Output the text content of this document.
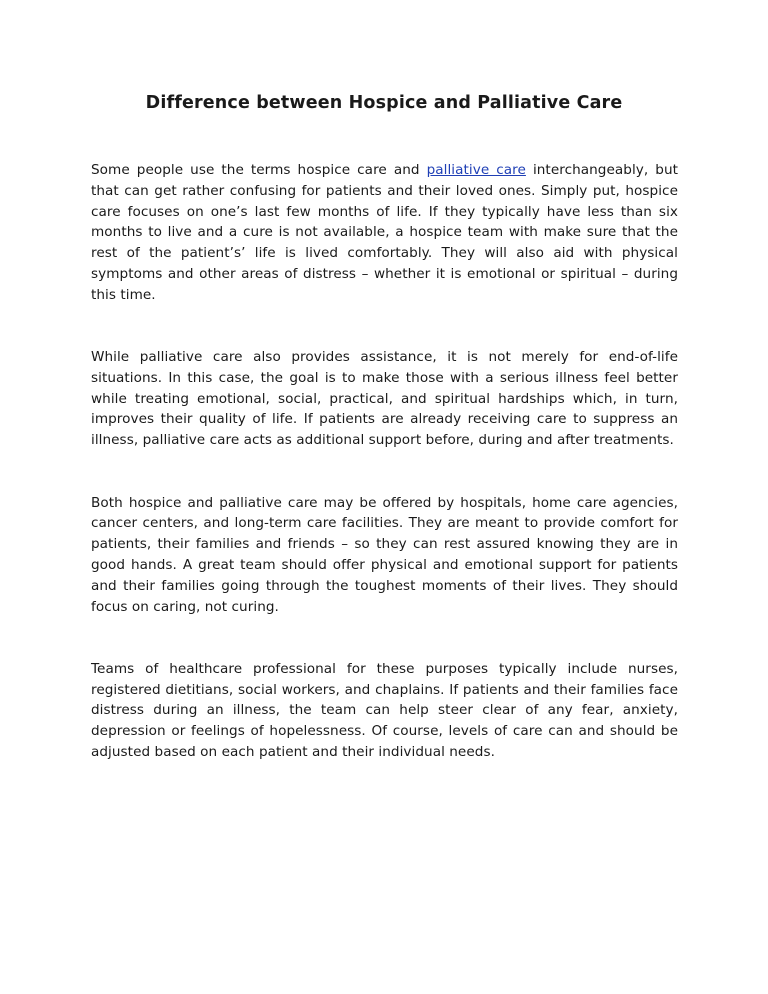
Difference between Hospice and Palliative Care

Some people use the terms hospice care and palliative care interchangeably, but that can get rather confusing for patients and their loved ones. Simply put, hospice care focuses on one’s last few months of life. If they typically have less than six months to live and a cure is not available, a hospice team with make sure that the rest of the patient’s’ life is lived comfortably. They will also aid with physical symptoms and other areas of distress – whether it is emotional or spiritual – during this time.

While palliative care also provides assistance, it is not merely for end-of-life situations. In this case, the goal is to make those with a serious illness feel better while treating emotional, social, practical, and spiritual hardships which, in turn, improves their quality of life. If patients are already receiving care to suppress an illness, palliative care acts as additional support before, during and after treatments.

Both hospice and palliative care may be offered by hospitals, home care agencies, cancer centers, and long-term care facilities. They are meant to provide comfort for patients, their families and friends – so they can rest assured knowing they are in good hands. A great team should offer physical and emotional support for patients and their families going through the toughest moments of their lives. They should focus on caring, not curing.

Teams of healthcare professional for these purposes typically include nurses, registered dietitians, social workers, and chaplains. If patients and their families face distress during an illness, the team can help steer clear of any fear, anxiety, depression or feelings of hopelessness. Of course, levels of care can and should be adjusted based on each patient and their individual needs.
